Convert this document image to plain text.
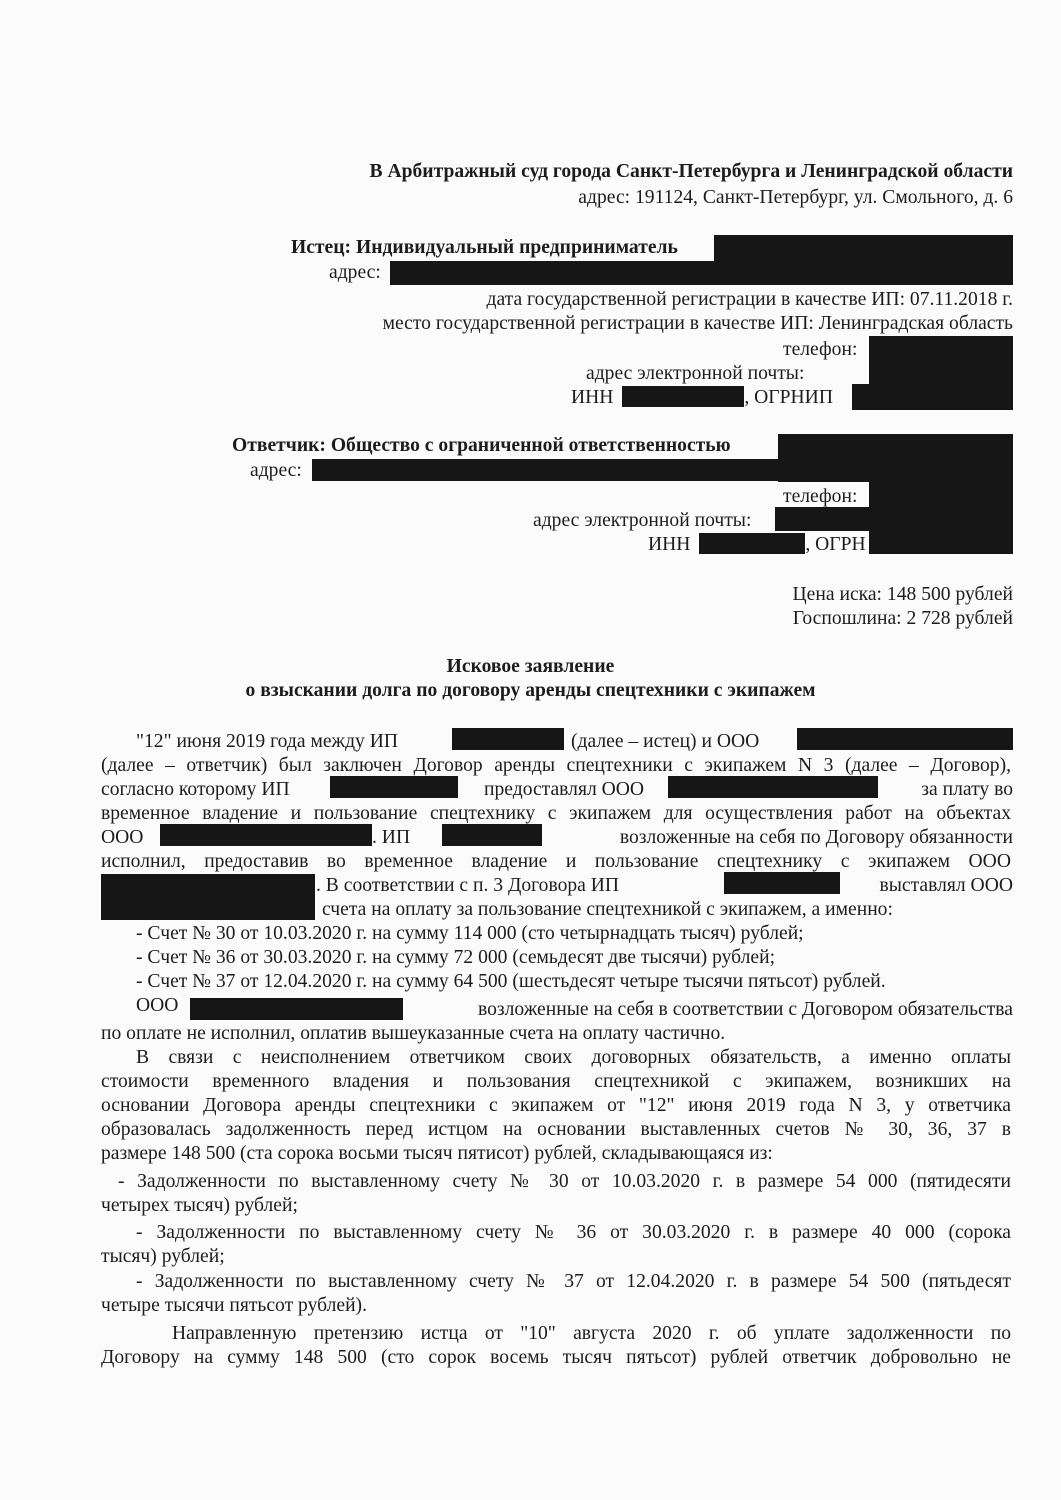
В Арбитражный суд города Санкт-Петербурга и Ленинградской области
адрес: 191124, Санкт-Петербург, ул. Смольного, д. 6
Истец: Индивидуальный предприниматель
адрес:
дата государственной регистрации в качестве ИП: 07.11.2018 г.
место государственной регистрации в качестве ИП: Ленинградская область
телефон:
адрес электронной почты:
ИНН	, ОГРНИП
Ответчик: Общество с ограниченной ответственностью
адрес:
телефон:
адрес электронной почты:
ИНН	, ОГРН
Цена иска: 148 500 рублей
Госпошлина: 2 728 рублей
Исковое заявление
о взыскании долга по договору аренды спецтехники с экипажем
"12" июня 2019 года между ИП	(далее – истец) и ООО
(далее – ответчик) был заключен Договор аренды спецтехники с экипажем N 3 (далее – Договор),
согласно которому ИП	предоставлял ООО	за плату во
временное владение и пользование спецтехнику с экипажем для осуществления работ на объектах
ООО	. ИП	возложенные на себя по Договору обязанности
исполнил, предоставив во временное владение и пользование спецтехнику с экипажем ООО
. В соответствии с п. 3 Договора ИП	выставлял ООО
счета на оплату за пользование спецтехникой с экипажем, а именно:
- Счет № 30 от 10.03.2020 г. на сумму 114 000 (сто четырнадцать тысяч) рублей;
- Счет № 36 от 30.03.2020 г. на сумму 72 000 (семьдесят две тысячи) рублей;
- Счет № 37 от 12.04.2020 г. на сумму 64 500 (шестьдесят четыре тысячи пятьсот) рублей.
ООО	возложенные на себя в соответствии с Договором обязательства
по оплате не исполнил, оплатив вышеуказанные счета на оплату частично.
В связи с неисполнением ответчиком своих договорных обязательств, а именно оплаты
стоимости временного владения и пользования спецтехникой с экипажем, возникших на
основании Договора аренды спецтехники с экипажем от "12" июня 2019 года N 3, у ответчика
образовалась задолженность перед истцом на основании выставленных счетов № 30, 36, 37 в
размере 148 500 (ста сорока восьми тысяч пятисот) рублей, складывающаяся из:
- Задолженности по выставленному счету № 30 от 10.03.2020 г. в размере 54 000 (пятидесяти
четырех тысяч) рублей;
- Задолженности по выставленному счету № 36 от 30.03.2020 г. в размере 40 000 (сорока
тысяч) рублей;
- Задолженности по выставленному счету № 37 от 12.04.2020 г. в размере 54 500 (пятьдесят
четыре тысячи пятьсот рублей).
Направленную претензию истца от "10" августа 2020 г. об уплате задолженности по
Договору на сумму 148 500 (сто сорок восемь тысяч пятьсот) рублей ответчик добровольно не
